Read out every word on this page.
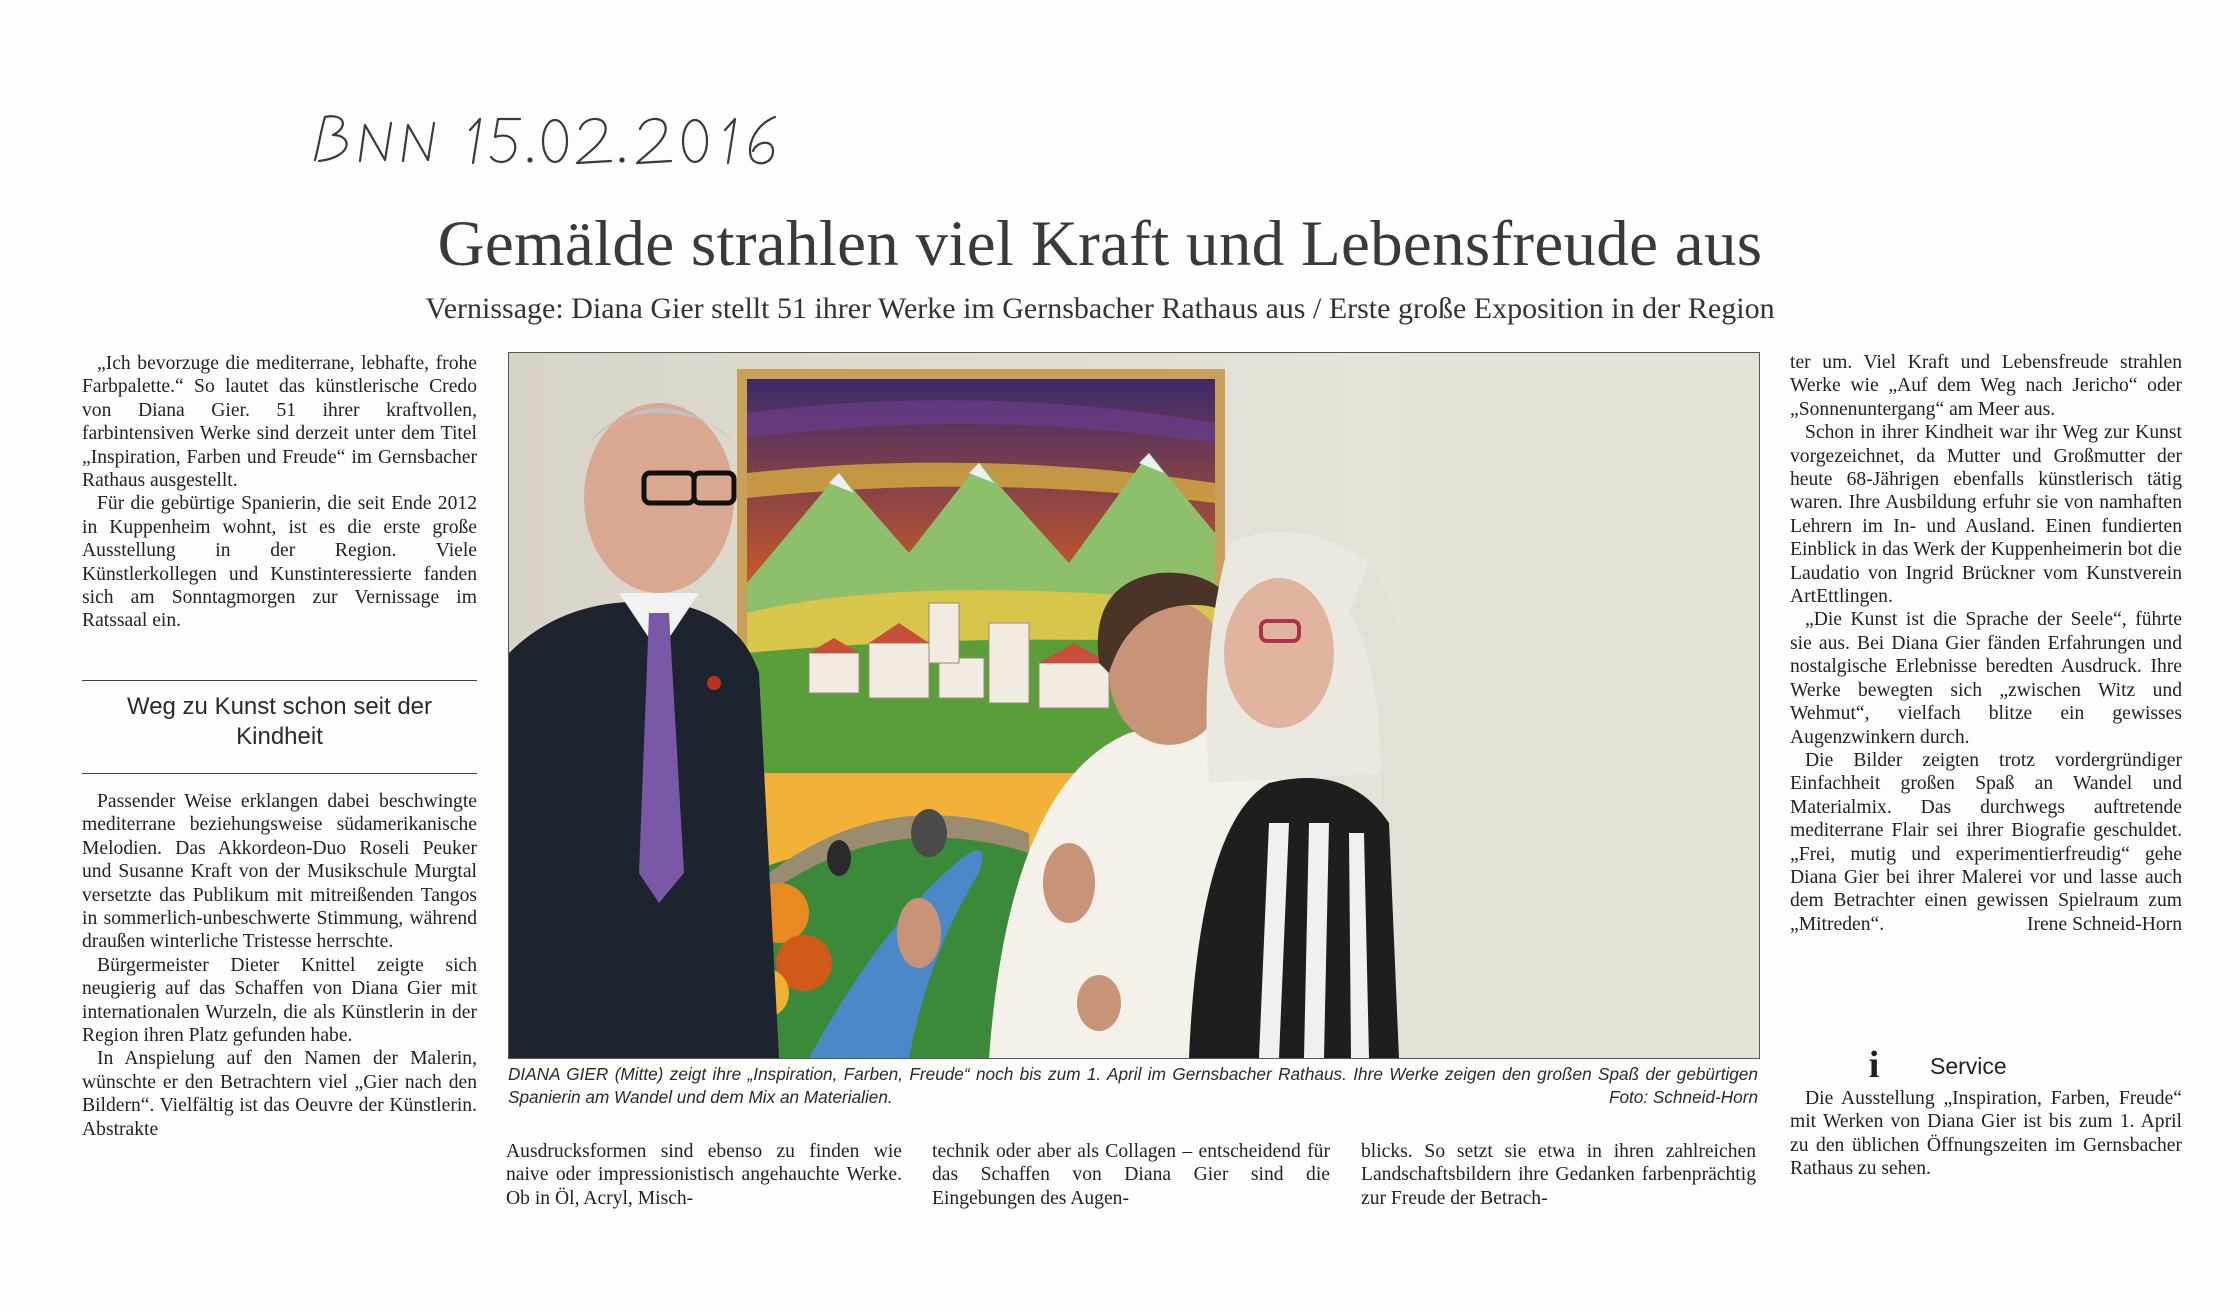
Gemälde strahlen viel Kraft und Lebensfreude aus
Vernissage: Diana Gier stellt 51 ihrer Werke im Gernsbacher Rathaus aus / Erste große Exposition in der Region

„Ich bevorzuge die mediterrane, lebhafte, frohe Farbpalette.“ So lautet das künstlerische Credo von Diana Gier. 51 ihrer kraftvollen, farbintensiven Werke sind derzeit unter dem Titel „Inspiration, Farben und Freude“ im Gernsbacher Rathaus ausgestellt.

Für die gebürtige Spanierin, die seit Ende 2012 in Kuppenheim wohnt, ist es die erste große Ausstellung in der Region. Viele Künstlerkollegen und Kunstinteressierte fanden sich am Sonntagmorgen zur Vernissage im Ratssaal ein.

Weg zu Kunst schon seit der Kindheit

Passender Weise erklangen dabei beschwingte mediterrane beziehungsweise südamerikanische Melodien. Das Akkordeon-Duo Roseli Peuker und Susanne Kraft von der Musikschule Murgtal versetzte das Publikum mit mitreißenden Tangos in sommerlich-unbeschwerte Stimmung, während draußen winterliche Tristesse herrschte.

Bürgermeister Dieter Knittel zeigte sich neugierig auf das Schaffen von Diana Gier mit internationalen Wurzeln, die als Künstlerin in der Region ihren Platz gefunden habe.

In Anspielung auf den Namen der Malerin, wünschte er den Betrachtern viel „Gier nach den Bildern“. Vielfältig ist das Oeuvre der Künstlerin. Abstrakte

DIANA GIER (Mitte) zeigt ihre „Inspiration, Farben, Freude“ noch bis zum 1. April im Gernsbacher Rathaus. Ihre Werke zeigen den großen Spaß der gebürtigen Spanierin am Wandel und dem Mix an Materialien.	Foto: Schneid-Horn

Ausdrucksformen sind ebenso zu finden wie naive oder impressionistisch angehauchte Werke. Ob in Öl, Acryl, Misch-

technik oder aber als Collagen – entscheidend für das Schaffen von Diana Gier sind die Eingebungen des Augen-

blicks. So setzt sie etwa in ihren zahlreichen Landschaftsbildern ihre Gedanken farbenprächtig zur Freude der Betrach-

ter um. Viel Kraft und Lebensfreude strahlen Werke wie „Auf dem Weg nach Jericho“ oder „Sonnenuntergang“ am Meer aus.

Schon in ihrer Kindheit war ihr Weg zur Kunst vorgezeichnet, da Mutter und Großmutter der heute 68-Jährigen ebenfalls künstlerisch tätig waren. Ihre Ausbildung erfuhr sie von namhaften Lehrern im In- und Ausland. Einen fundierten Einblick in das Werk der Kuppenheimerin bot die Laudatio von Ingrid Brückner vom Kunstverein ArtEttlingen.

„Die Kunst ist die Sprache der Seele“, führte sie aus. Bei Diana Gier fänden Erfahrungen und nostalgische Erlebnisse beredten Ausdruck. Ihre Werke bewegten sich „zwischen Witz und Wehmut“, vielfach blitze ein gewisses Augenzwinkern durch.

Die Bilder zeigten trotz vordergründiger Einfachheit großen Spaß an Wandel und Materialmix. Das durchwegs auftretende mediterrane Flair sei ihrer Biografie geschuldet. „Frei, mutig und experimentierfreudig“ gehe Diana Gier bei ihrer Malerei vor und lasse auch dem Betrachter einen gewissen Spielraum zum „Mitreden“.	Irene Schneid-Horn

i	Service

Die Ausstellung „Inspiration, Farben, Freude“ mit Werken von Diana Gier ist bis zum 1. April zu den üblichen Öffnungszeiten im Gernsbacher Rathaus zu sehen.
